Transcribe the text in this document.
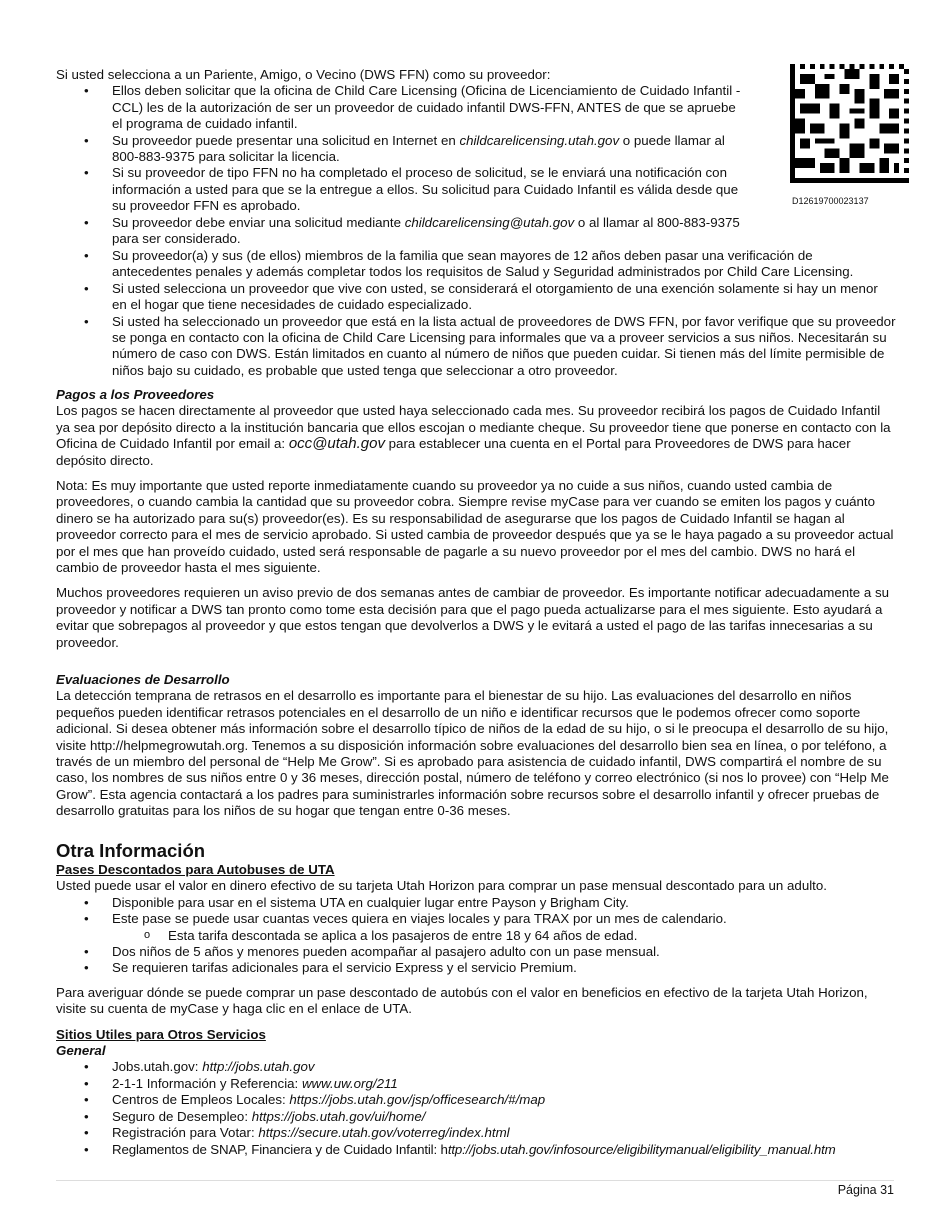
D12619700023137

Si usted selecciona a un Pariente, Amigo, o Vecino (DWS FFN) como su proveedor:

• Ellos deben solicitar que la oficina de Child Care Licensing (Oficina de Licenciamiento de Cuidado Infantil - CCL) les de la autorización de ser un proveedor de cuidado infantil DWS-FFN, ANTES de que se apruebe el programa de cuidado infantil.
• Su proveedor puede presentar una solicitud en Internet en childcarelicensing.utah.gov o puede llamar al 800-883-9375 para solicitar la licencia.
• Si su proveedor de tipo FFN no ha completado el proceso de solicitud, se le enviará una notificación con información a usted para que se la entregue a ellos. Su solicitud para Cuidado Infantil es válida desde que su proveedor FFN es aprobado.
• Su proveedor debe enviar una solicitud mediante childcarelicensing@utah.gov o al llamar al 800-883-9375 para ser considerado.
• Su proveedor(a) y sus (de ellos) miembros de la familia que sean mayores de 12 años deben pasar una verificación de antecedentes penales y además completar todos los requisitos de Salud y Seguridad administrados por Child Care Licensing.
• Si usted selecciona un proveedor que vive con usted, se considerará el otorgamiento de una exención solamente si hay un menor en el hogar que tiene necesidades de cuidado especializado.
• Si usted ha seleccionado un proveedor que está en la lista actual de proveedores de DWS FFN, por favor verifique que su proveedor se ponga en contacto con la oficina de Child Care Licensing para informales que va a proveer servicios a sus niños. Necesitarán su número de caso con DWS. Están limitados en cuanto al número de niños que pueden cuidar. Si tienen más del límite permisible de niños bajo su cuidado, es probable que usted tenga que seleccionar a otro proveedor.
Pagos a los Proveedores

Los pagos se hacen directamente al proveedor que usted haya seleccionado cada mes. Su proveedor recibirá los pagos de Cuidado Infantil ya sea por depósito directo a la institución bancaria que ellos escojan o mediante cheque. Su proveedor tiene que ponerse en contacto con la Oficina de Cuidado Infantil por email a: occ@utah.gov para establecer una cuenta en el Portal para Proveedores de DWS para hacer depósito directo.

Nota: Es muy importante que usted reporte inmediatamente cuando su proveedor ya no cuide a sus niños, cuando usted cambia de proveedores, o cuando cambia la cantidad que su proveedor cobra. Siempre revise myCase para ver cuando se emiten los pagos y cuánto dinero se ha autorizado para su(s) proveedor(es). Es su responsabilidad de asegurarse que los pagos de Cuidado Infantil se hagan al proveedor correcto para el mes de servicio aprobado. Si usted cambia de proveedor después que ya se le haya pagado a su proveedor actual por el mes que han proveído cuidado, usted será responsable de pagarle a su nuevo proveedor por el mes del cambio. DWS no hará el cambio de proveedor hasta el mes siguiente.

Muchos proveedores requieren un aviso previo de dos semanas antes de cambiar de proveedor. Es importante notificar adecuadamente a su proveedor y notificar a DWS tan pronto como tome esta decisión para que el pago pueda actualizarse para el mes siguiente. Esto ayudará a evitar que sobrepagos al proveedor y que estos tengan que devolverlos a DWS y le evitará a usted el pago de las tarifas innecesarias a su proveedor.

Evaluaciones de Desarrollo

La detección temprana de retrasos en el desarrollo es importante para el bienestar de su hijo. Las evaluaciones del desarrollo en niños pequeños pueden identificar retrasos potenciales en el desarrollo de un niño e identificar recursos que le podemos ofrecer como soporte adicional. Si desea obtener más información sobre el desarrollo típico de niños de la edad de su hijo, o si le preocupa el desarrollo de su hijo, visite http://helpmegrowutah.org. Tenemos a su disposición información sobre evaluaciones del desarrollo bien sea en línea, o por teléfono, a través de un miembro del personal de “Help Me Grow”. Si es aprobado para asistencia de cuidado infantil, DWS compartirá el nombre de su caso, los nombres de sus niños entre 0 y 36 meses, dirección postal, número de teléfono y correo electrónico (si nos lo provee) con “Help Me Grow”. Esta agencia contactará a los padres para suministrarles información sobre recursos sobre el desarrollo infantil y ofrecer pruebas de desarrollo gratuitas para los niños de su hogar que tengan entre 0-36 meses.

Otra Información
Pases Descontados para Autobuses de UTA

Usted puede usar el valor en dinero efectivo de su tarjeta Utah Horizon para comprar un pase mensual descontado para un adulto.

• Disponible para usar en el sistema UTA en cualquier lugar entre Payson y Brigham City.
• Este pase se puede usar cuantas veces quiera en viajes locales y para TRAX por un mes de calendario.
o Esta tarifa descontada se aplica a los pasajeros de entre 18 y 64 años de edad.
• Dos niños de 5 años y menores pueden acompañar al pasajero adulto con un pase mensual.
• Se requieren tarifas adicionales para el servicio Express y el servicio Premium.

Para averiguar dónde se puede comprar un pase descontado de autobús con el valor en beneficios en efectivo de la tarjeta Utah Horizon, visite su cuenta de myCase y haga clic en el enlace de UTA.

Sitios Utiles para Otros Servicios
General
• Jobs.utah.gov: http://jobs.utah.gov
• 2-1-1 Información y Referencia: www.uw.org/211
• Centros de Empleos Locales: https://jobs.utah.gov/jsp/officesearch/#/map
• Seguro de Desempleo: https://jobs.utah.gov/ui/home/
• Registración para Votar: https://secure.utah.gov/voterreg/index.html
• Reglamentos de SNAP, Financiera y de Cuidado Infantil: http://jobs.utah.gov/infosource/eligibilitymanual/eligibility_manual.htm
Página 31
